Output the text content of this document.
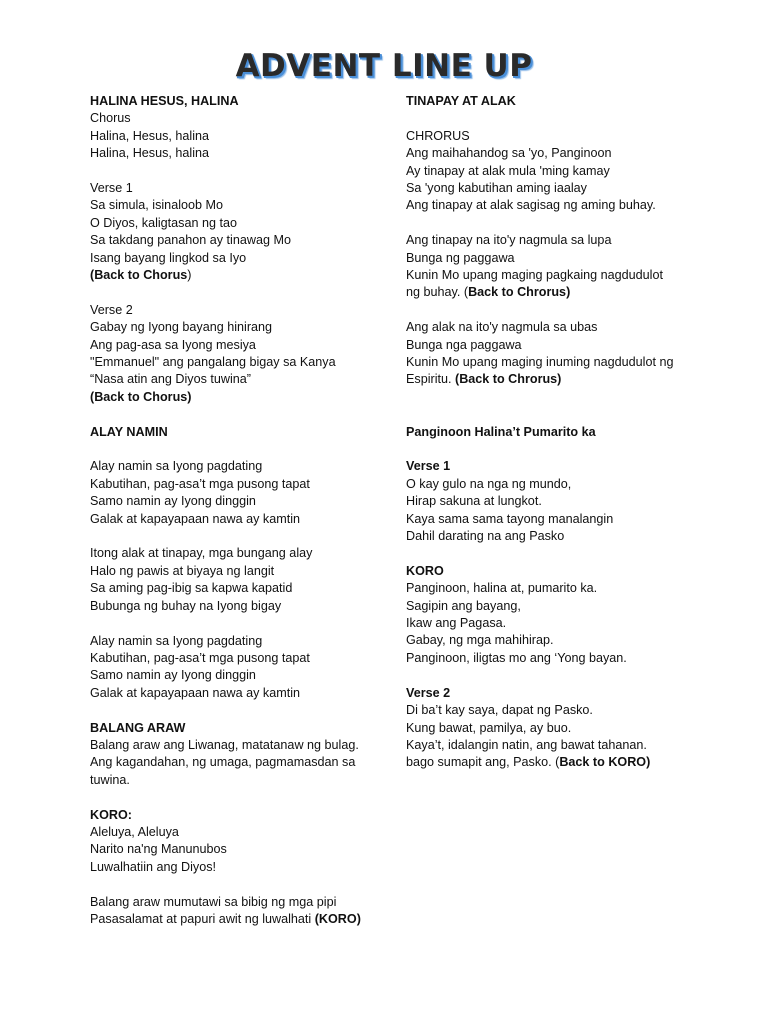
ADVENT LINE UP
HALINA HESUS, HALINA
Chorus
Halina, Hesus, halina
Halina, Hesus, halina
Verse 1
Sa simula, isinaloob Mo
O Diyos, kaligtasan ng tao
Sa takdang panahon ay tinawag Mo
Isang bayang lingkod sa Iyo
(Back to Chorus)
Verse 2
Gabay ng Iyong bayang hinirang
Ang pag-asa sa Iyong mesiya
"Emmanuel" ang pangalang bigay sa Kanya
“Nasa atin ang Diyos tuwina”
(Back to Chorus)
ALAY NAMIN
Alay namin sa Iyong pagdating
Kabutihan, pag-asa’t mga pusong tapat
Samo namin ay Iyong dinggin
Galak at kapayapaan nawa ay kamtin
Itong alak at tinapay, mga bungang alay
Halo ng pawis at biyaya ng langit
Sa aming pag-ibig sa kapwa kapatid
Bubunga ng buhay na Iyong bigay
Alay namin sa Iyong pagdating
Kabutihan, pag-asa’t mga pusong tapat
Samo namin ay Iyong dinggin
Galak at kapayapaan nawa ay kamtin
BALANG ARAW
Balang araw ang Liwanag, matatanaw ng bulag.
Ang kagandahan, ng umaga, pagmamasdan sa
tuwina.
KORO:
Aleluya, Aleluya
Narito na'ng Manunubos
Luwalhatiin ang Diyos!
Balang araw mumutawi sa bibig ng mga pipi
Pasasalamat at papuri awit ng luwalhati (KORO)
TINAPAY AT ALAK
CHRORUS
Ang maihahandog sa 'yo, Panginoon
Ay tinapay at alak mula 'ming kamay
Sa 'yong kabutihan aming iaalay
Ang tinapay at alak sagisag ng aming buhay.
Ang tinapay na ito'y nagmula sa lupa
Bunga ng paggawa
Kunin Mo upang maging pagkaing nagdudulot
ng buhay. (Back to Chrorus)
Ang alak na ito'y nagmula sa ubas
Bunga nga paggawa
Kunin Mo upang maging inuming nagdudulot ng
Espiritu. (Back to Chrorus)
Panginoon Halina’t Pumarito ka
Verse 1
O kay gulo na nga ng mundo,
Hirap sakuna at lungkot.
Kaya sama sama tayong manalangin
Dahil darating na ang Pasko
KORO
Panginoon, halina at, pumarito ka.
Sagipin ang bayang,
Ikaw ang Pagasa.
Gabay, ng mga mahihirap.
Panginoon, iligtas mo ang ‘Yong bayan.
Verse 2
Di ba’t kay saya, dapat ng Pasko.
Kung bawat, pamilya, ay buo.
Kaya’t, idalangin natin, ang bawat tahanan.
bago sumapit ang, Pasko. (Back to KORO)
